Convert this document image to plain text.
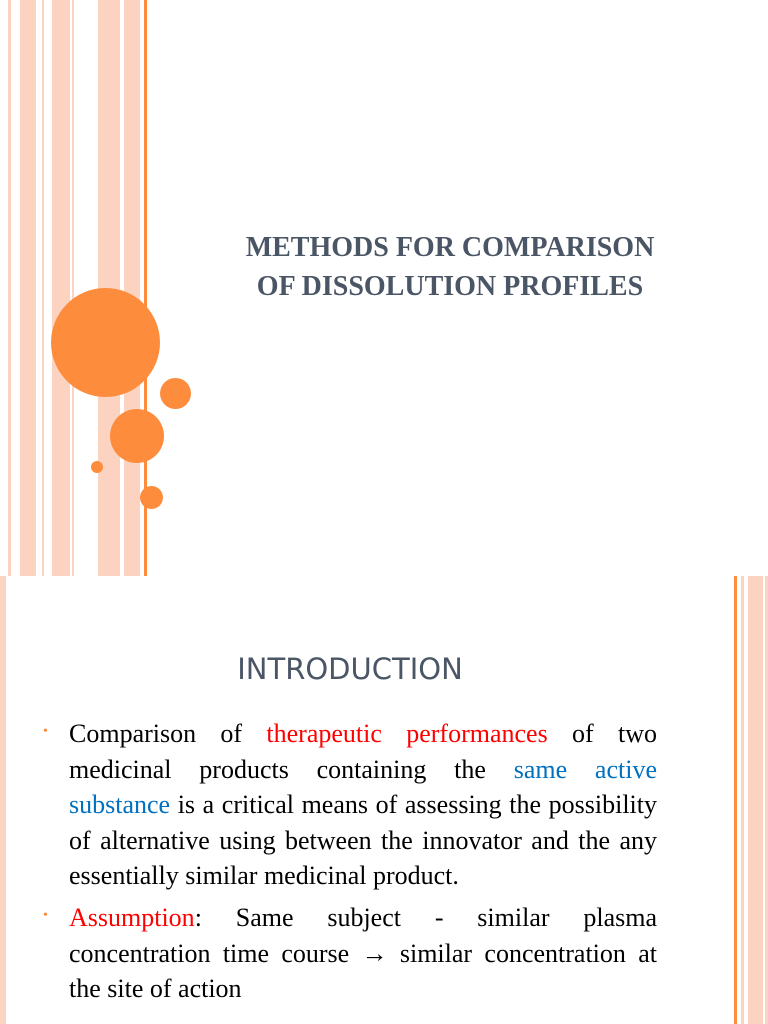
METHODS FOR COMPARISON
OF DISSOLUTION PROFILES
INTRODUCTION
• Comparison of therapeutic performances of two medicinal products containing the same active substance is a critical means of assessing the possibility of alternative using between the innovator and the any essentially similar medicinal product.
• Assumption: Same subject - similar plasma concentration time course → similar concentration at the site of action
